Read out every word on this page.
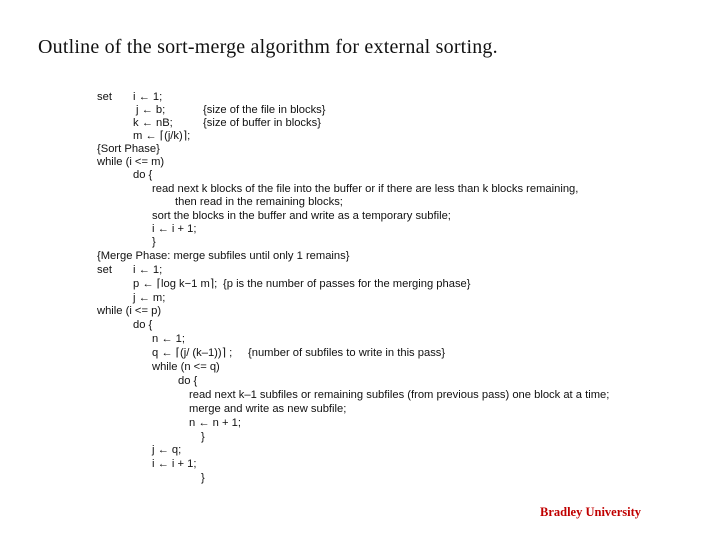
Outline of the sort-merge algorithm for external sorting.
set i ← 1;
j ← b;	{size of the file in blocks}
k ← nB;	{size of buffer in blocks}
m ← ⌈(j/k)⌉;
{Sort Phase}
while (i <= m)
do {
read next k blocks of the file into the buffer or if there are less than k blocks remaining,
then read in the remaining blocks;
sort the blocks in the buffer and write as a temporary subfile;
i ← i + 1;
}
{Merge Phase: merge subfiles until only 1 remains}
set i ← 1;
p ← ⌈log k−1 m⌉; {p is the number of passes for the merging phase}
j ← m;
while (i <= p)
do {
n ← 1;
q ← ⌈(j/ (k–1))⌉ ; {number of subfiles to write in this pass}
while (n <= q)
do {
read next k–1 subfiles or remaining subfiles (from previous pass) one block at a time;
merge and write as new subfile;
n ← n + 1;
}
j ← q;
i ← i + 1;
}
Bradley University
